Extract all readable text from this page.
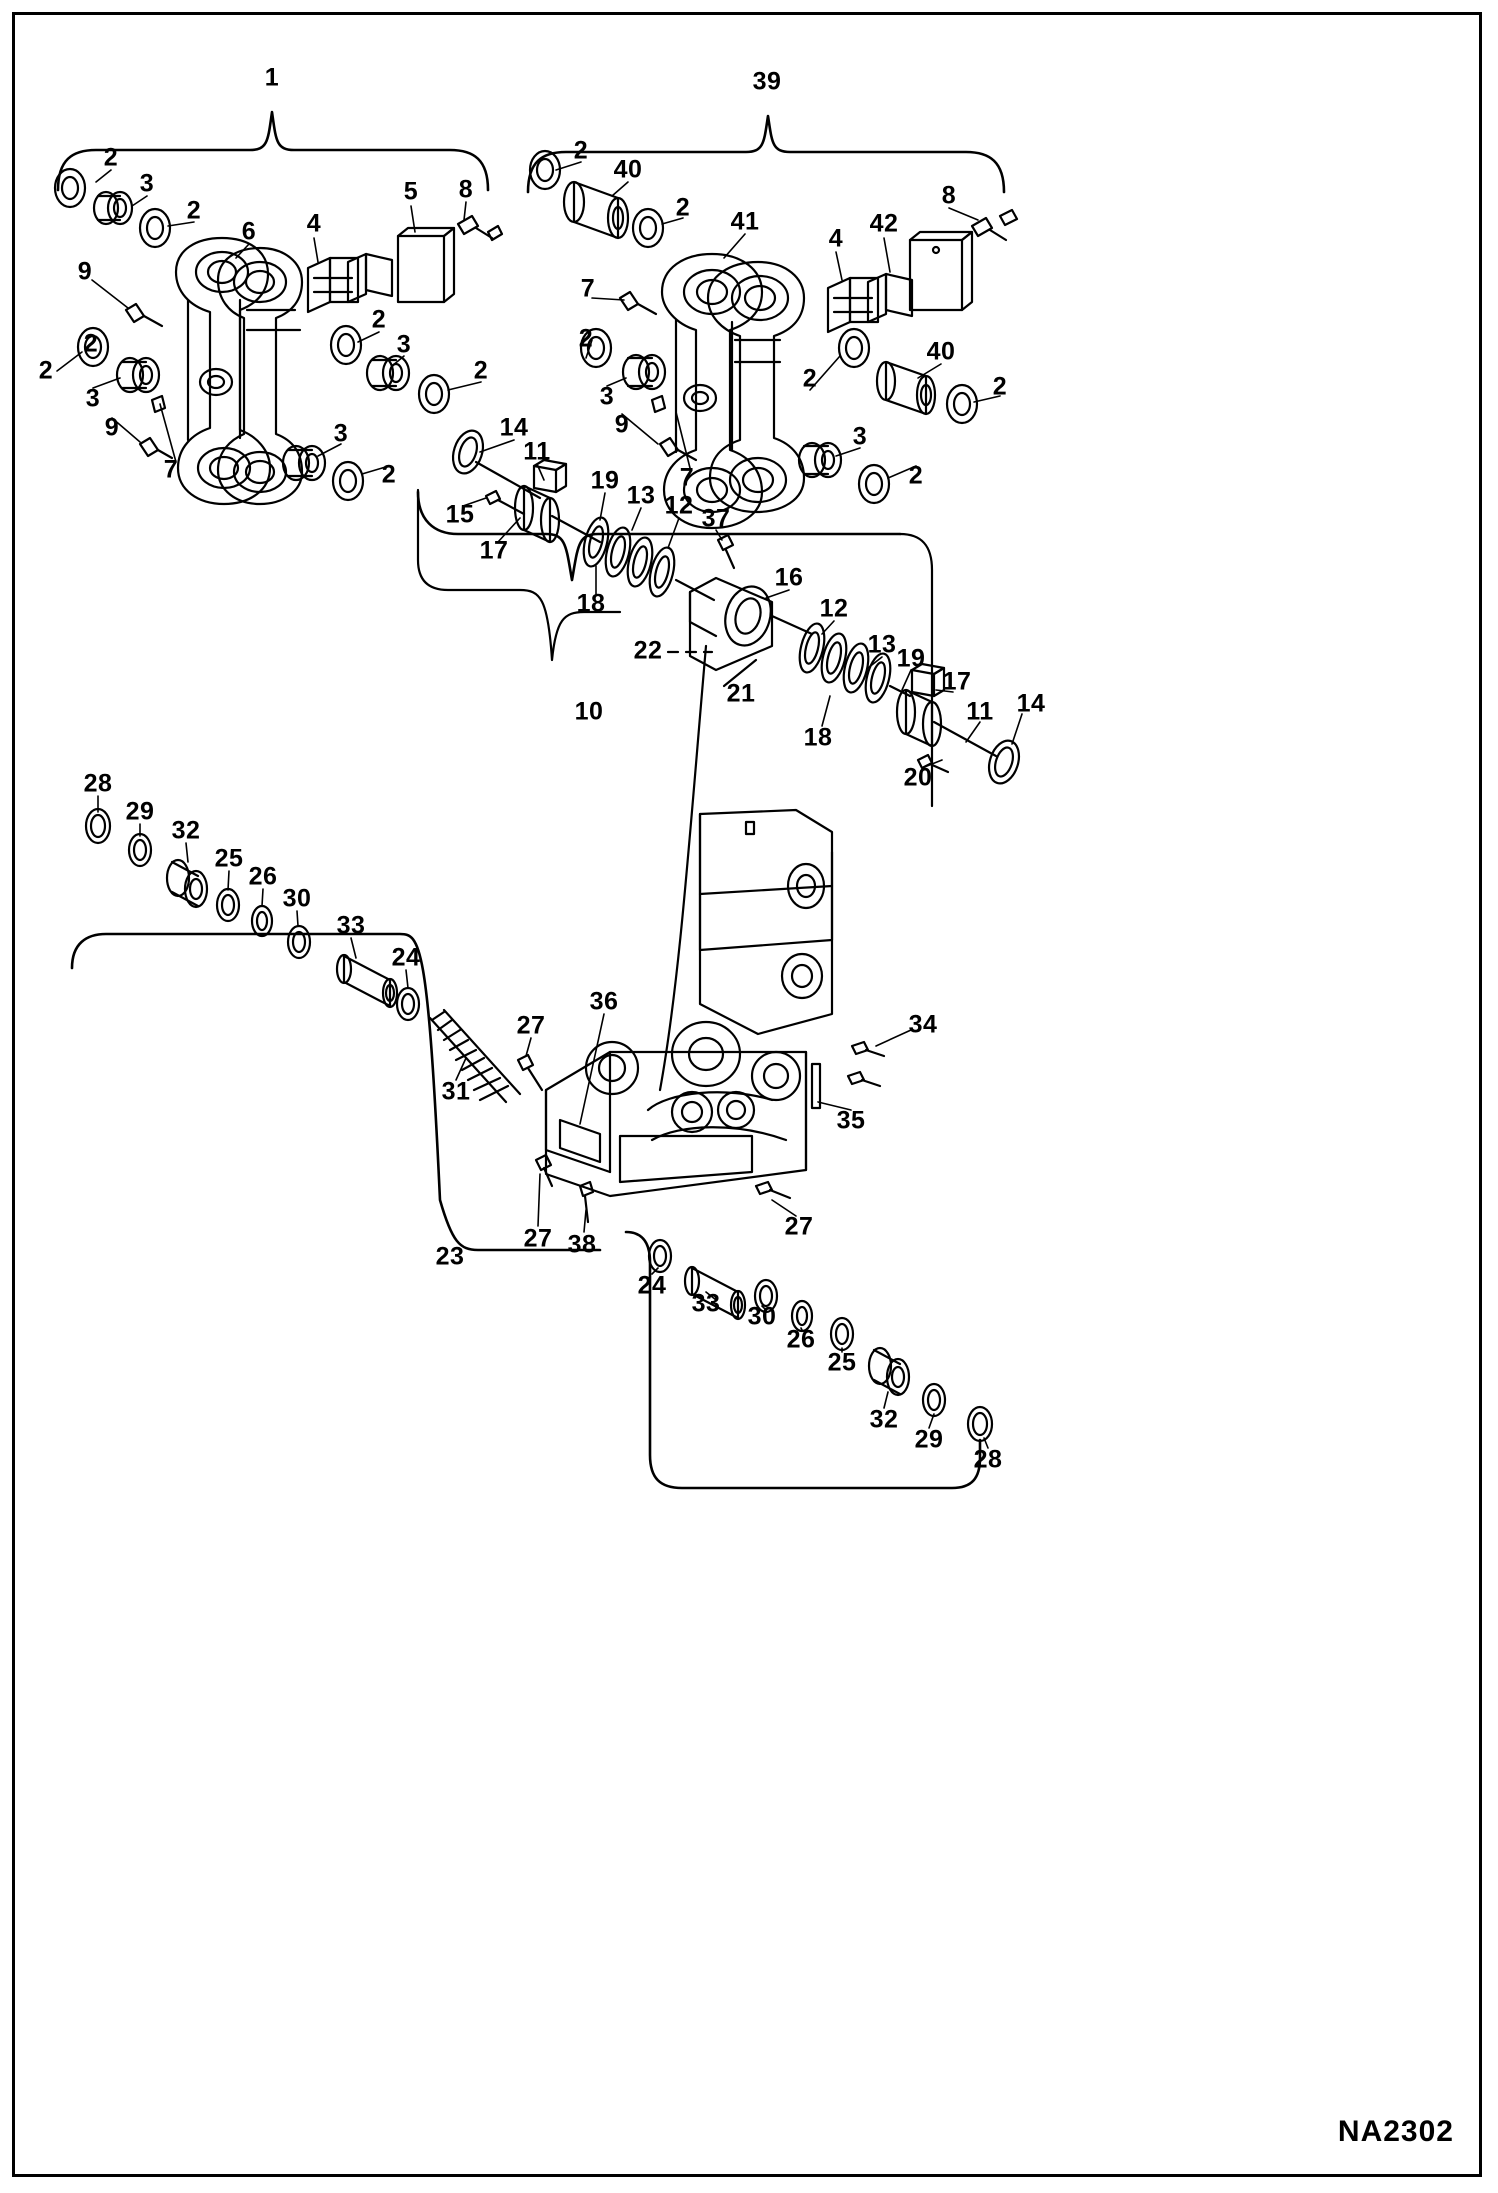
1
2
3
2
6 4
5 8
9
2
3
2
9
7
2
3
2
3
2
39
2
40
2 41
4
42
8
7
2
3
9
7
2
40
2
3
2
14
11
15
17
19
13 12 37
18
16
12
13 19
17
11 14
18
20
22
21
10
28
29
32
25
26
30
33
24
31
27
36
34
35
27 38
27
23
24
33 30
26
25
32
29
28
NA2302
